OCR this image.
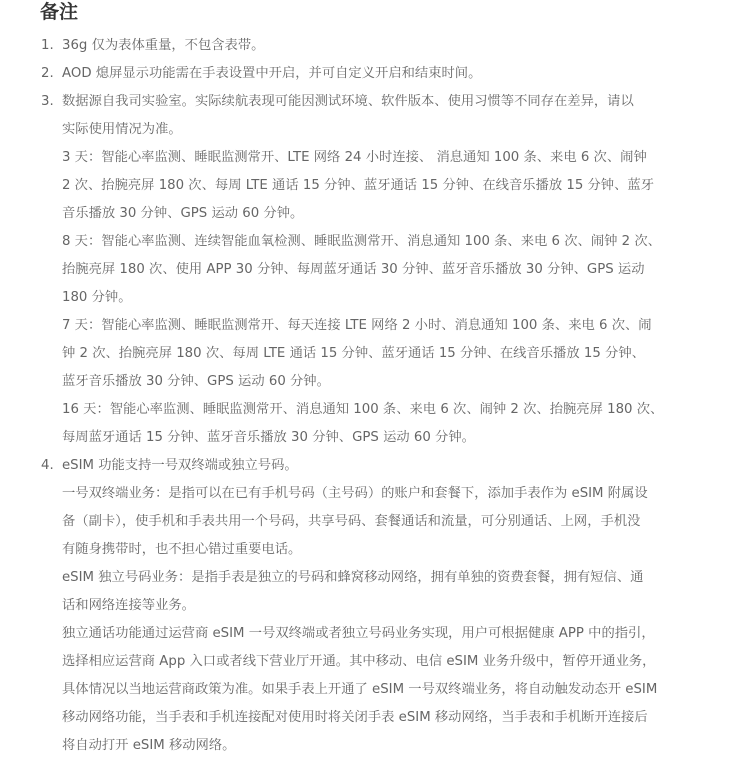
备注
1. 36g 仅为表体重量，不包含表带。
2. AOD 熄屏显示功能需在手表设置中开启，并可自定义开启和结束时间。
3. 数据源自我司实验室。实际续航表现可能因测试环境、软件版本、使用习惯等不同存在差异，请以
实际使用情况为准。
3 天：智能心率监测、睡眠监测常开、LTE 网络 24 小时连接、 消息通知 100 条、来电 6 次、闹钟
2 次、抬腕亮屏 180 次、每周 LTE 通话 15 分钟、蓝牙通话 15 分钟、在线音乐播放 15 分钟、蓝牙
音乐播放 30 分钟、GPS 运动 60 分钟。
8 天：智能心率监测、连续智能血氧检测、睡眠监测常开、消息通知 100 条、来电 6 次、闹钟 2 次、
抬腕亮屏 180 次、使用 APP 30 分钟、每周蓝牙通话 30 分钟、蓝牙音乐播放 30 分钟、GPS 运动
180 分钟。
7 天：智能心率监测、睡眠监测常开、每天连接 LTE 网络 2 小时、消息通知 100 条、来电 6 次、闹
钟 2 次、抬腕亮屏 180 次、每周 LTE 通话 15 分钟、蓝牙通话 15 分钟、在线音乐播放 15 分钟、
蓝牙音乐播放 30 分钟、GPS 运动 60 分钟。
16 天：智能心率监测、睡眠监测常开、消息通知 100 条、来电 6 次、闹钟 2 次、抬腕亮屏 180 次、
每周蓝牙通话 15 分钟、蓝牙音乐播放 30 分钟、GPS 运动 60 分钟。
4. eSIM 功能支持一号双终端或独立号码。
一号双终端业务：是指可以在已有手机号码（主号码）的账户和套餐下，添加手表作为 eSIM 附属设
备（副卡），使手机和手表共用一个号码，共享号码、套餐通话和流量，可分别通话、上网，手机没
有随身携带时，也不担心错过重要电话。
eSIM 独立号码业务：是指手表是独立的号码和蜂窝移动网络，拥有单独的资费套餐，拥有短信、通
话和网络连接等业务。
独立通话功能通过运营商 eSIM 一号双终端或者独立号码业务实现，用户可根据健康 APP 中的指引，
选择相应运营商 App 入口或者线下营业厅开通。其中移动、电信 eSIM 业务升级中，暂停开通业务，
具体情况以当地运营商政策为准。如果手表上开通了 eSIM 一号双终端业务，将自动触发动态开 eSIM
移动网络功能，当手表和手机连接配对使用时将关闭手表 eSIM 移动网络，当手表和手机断开连接后
将自动打开 eSIM 移动网络。
